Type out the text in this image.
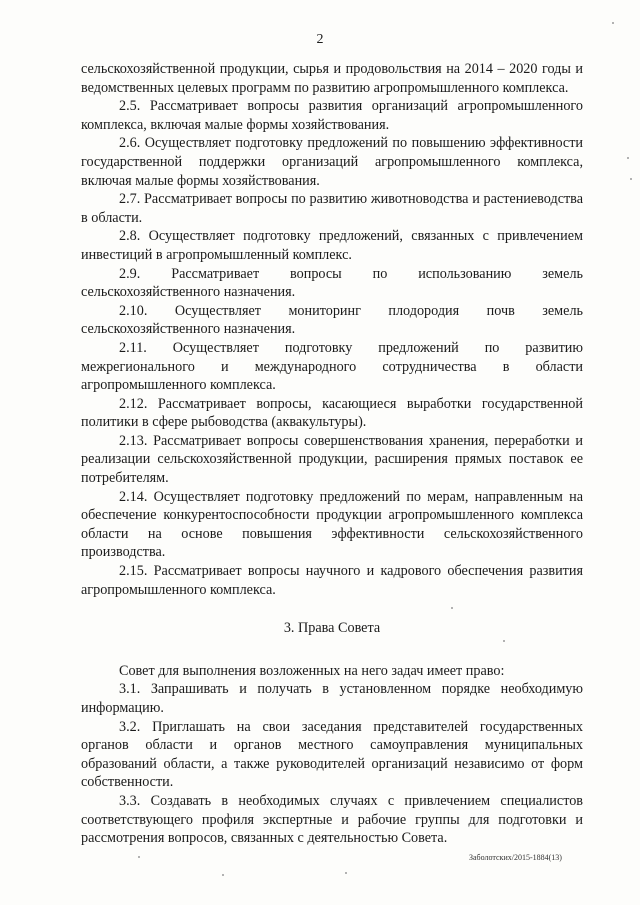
2

сельскохозяйственной продукции, сырья и продовольствия на 2014 – 2020 годы и ведомственных целевых программ по развитию агропромышленного комплекса.

2.5. Рассматривает вопросы развития организаций агропромышленного комплекса, включая малые формы хозяйствования.

2.6. Осуществляет подготовку предложений по повышению эффективности государственной поддержки организаций агропромышленного комплекса, включая малые формы хозяйствования.

2.7. Рассматривает вопросы по развитию животноводства и растениеводства в области.

2.8. Осуществляет подготовку предложений, связанных с привлечением инвестиций в агропромышленный комплекс.

2.9. Рассматривает вопросы по использованию земель сельскохозяйственного назначения.

2.10. Осуществляет мониторинг плодородия почв земель сельскохозяйственного назначения.

2.11. Осуществляет подготовку предложений по развитию межрегионального и международного сотрудничества в области агропромышленного комплекса.

2.12. Рассматривает вопросы, касающиеся выработки государственной политики в сфере рыбоводства (аквакультуры).

2.13. Рассматривает вопросы совершенствования хранения, переработки и реализации сельскохозяйственной продукции, расширения прямых поставок ее потребителям.

2.14. Осуществляет подготовку предложений по мерам, направленным на обеспечение конкурентоспособности продукции агропромышленного комплекса области на основе повышения эффективности сельскохозяйственного производства.

2.15. Рассматривает вопросы научного и кадрового обеспечения развития агропромышленного комплекса.

3. Права Совета

Совет для выполнения возложенных на него задач имеет право:

3.1. Запрашивать и получать в установленном порядке необходимую информацию.

3.2. Приглашать на свои заседания представителей государственных органов области и органов местного самоуправления муниципальных образований области, а также руководителей организаций независимо от форм собственности.

3.3. Создавать в необходимых случаях с привлечением специалистов соответствующего профиля экспертные и рабочие группы для подготовки и рассмотрения вопросов, связанных с деятельностью Совета.

Заболотских/2015-1884(13)
